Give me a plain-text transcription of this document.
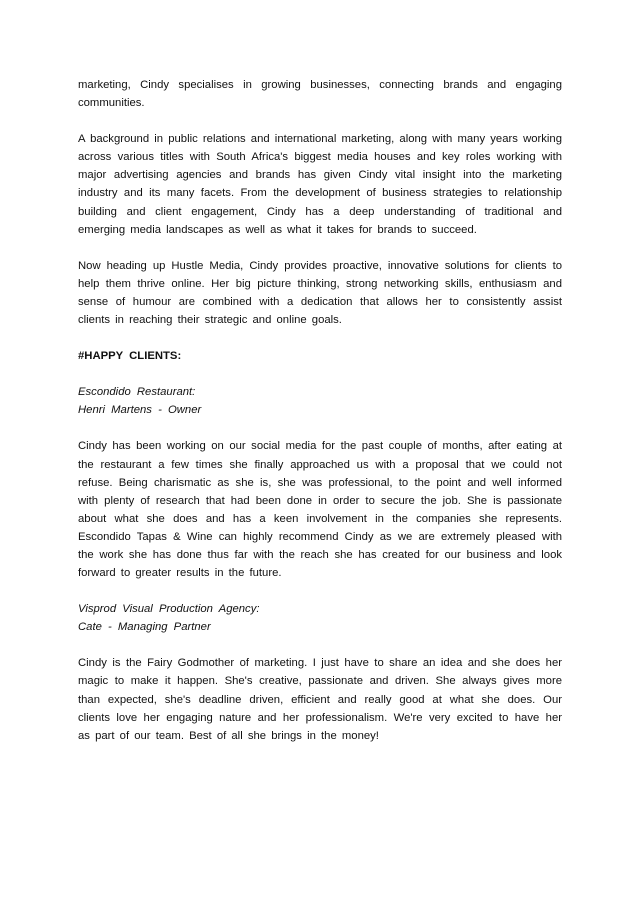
marketing, Cindy specialises in growing businesses, connecting brands and engaging communities.

A background in public relations and international marketing, along with many years working across various titles with South Africa's biggest media houses and key roles working with major advertising agencies and brands has given Cindy vital insight into the marketing industry and its many facets. From the development of business strategies to relationship building and client engagement, Cindy has a deep understanding of traditional and emerging media landscapes as well as what it takes for brands to succeed.

Now heading up Hustle Media, Cindy provides proactive, innovative solutions for clients to help them thrive online. Her big picture thinking, strong networking skills, enthusiasm and sense of humour are combined with a dedication that allows her to consistently assist clients in reaching their strategic and online goals.

#HAPPY CLIENTS:

Escondido Restaurant:

Henri Martens - Owner

Cindy has been working on our social media for the past couple of months, after eating at the restaurant a few times she finally approached us with a proposal that we could not refuse. Being charismatic as she is, she was professional, to the point and well informed with plenty of research that had been done in order to secure the job. She is passionate about what she does and has a keen involvement in the companies she represents. Escondido Tapas & Wine can highly recommend Cindy as we are extremely pleased with the work she has done thus far with the reach she has created for our business and look forward to greater results in the future.

Visprod Visual Production Agency:

Cate - Managing Partner

Cindy is the Fairy Godmother of marketing. I just have to share an idea and she does her magic to make it happen. She's creative, passionate and driven. She always gives more than expected, she's deadline driven, efficient and really good at what she does. Our clients love her engaging nature and her professionalism. We're very excited to have her as part of our team. Best of all she brings in the money!
